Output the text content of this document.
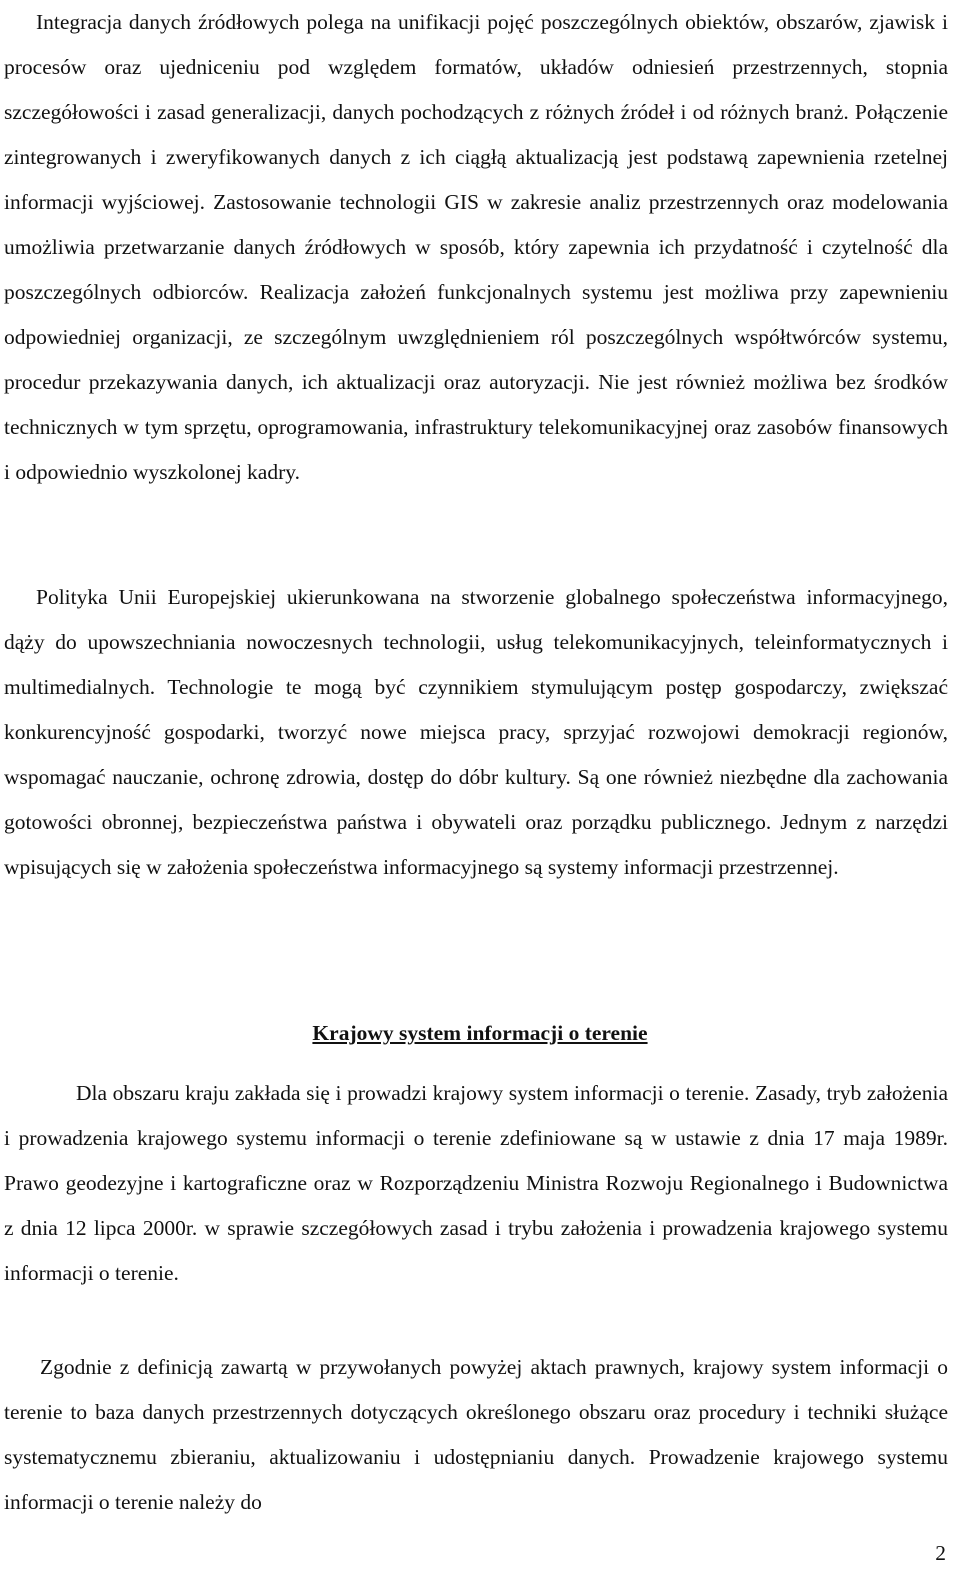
Integracja danych źródłowych polega na unifikacji pojęć poszczególnych obiektów, obszarów, zjawisk i procesów oraz ujedniceniu pod względem formatów, układów odniesień przestrzennych, stopnia szczegółowości i zasad generalizacji, danych pochodzących z różnych źródeł i od różnych branż. Połączenie zintegrowanych i zweryfikowanych danych z ich ciągłą aktualizacją jest podstawą zapewnienia rzetelnej informacji wyjściowej. Zastosowanie technologii GIS w zakresie analiz przestrzennych oraz modelowania umożliwia przetwarzanie danych źródłowych w sposób, który zapewnia ich przydatność i czytelność dla poszczególnych odbiorców. Realizacja założeń funkcjonalnych systemu jest możliwa przy zapewnieniu odpowiedniej organizacji, ze szczególnym uwzględnieniem ról poszczególnych współtwórców systemu, procedur przekazywania danych, ich aktualizacji oraz autoryzacji. Nie jest również możliwa bez środków technicznych w tym sprzętu, oprogramowania, infrastruktury telekomunikacyjnej oraz zasobów finansowych i odpowiednio wyszkolonej kadry.

Polityka Unii Europejskiej ukierunkowana na stworzenie globalnego społeczeństwa informacyjnego, dąży do upowszechniania nowoczesnych technologii, usług telekomunikacyjnych, teleinformatycznych i multimedialnych. Technologie te mogą być czynnikiem stymulującym postęp gospodarczy, zwiększać konkurencyjność gospodarki, tworzyć nowe miejsca pracy, sprzyjać rozwojowi demokracji regionów, wspomagać nauczanie, ochronę zdrowia, dostęp do dóbr kultury. Są one również niezbędne dla zachowania gotowości obronnej, bezpieczeństwa państwa i obywateli oraz porządku publicznego. Jednym z narzędzi wpisujących się w założenia społeczeństwa informacyjnego są systemy informacji przestrzennej.

Krajowy system informacji o terenie

Dla obszaru kraju zakłada się i prowadzi krajowy system informacji o terenie. Zasady, tryb założenia i prowadzenia krajowego systemu informacji o terenie zdefiniowane są w ustawie z dnia 17 maja 1989r. Prawo geodezyjne i kartograficzne oraz w Rozporządzeniu Ministra Rozwoju Regionalnego i Budownictwa z dnia 12 lipca 2000r. w sprawie szczegółowych zasad i trybu założenia i prowadzenia krajowego systemu informacji o terenie.

Zgodnie z definicją zawartą w przywołanych powyżej aktach prawnych, krajowy system informacji o terenie to baza danych przestrzennych dotyczących określonego obszaru oraz procedury i techniki służące systematycznemu zbieraniu, aktualizowaniu i udostępnianiu danych. Prowadzenie krajowego systemu informacji o terenie należy do

2
